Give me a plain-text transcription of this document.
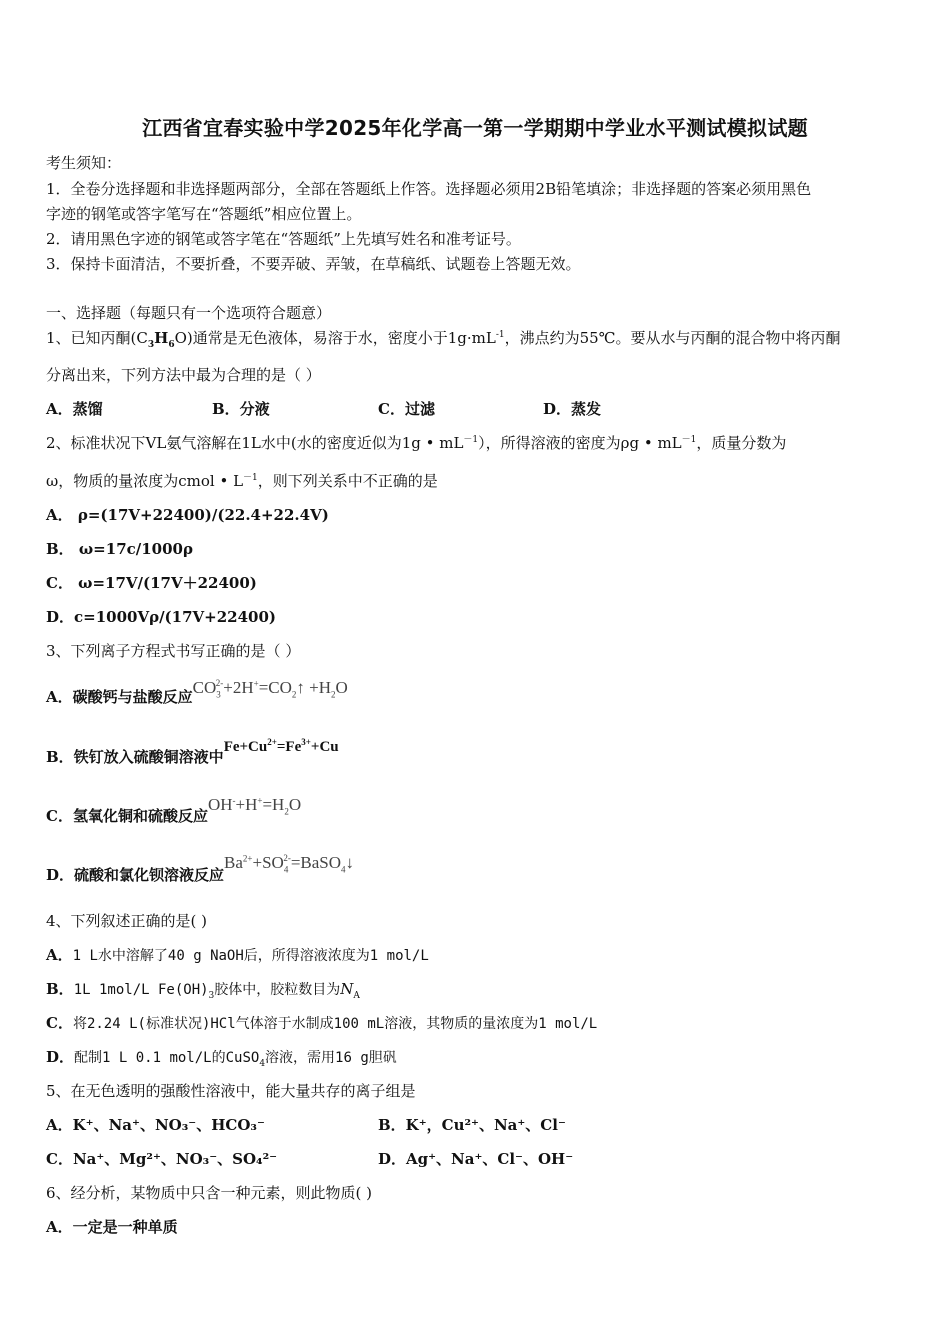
江西省宜春实验中学2025年化学高一第一学期期中学业水平测试模拟试题
考生须知：
1．全卷分选择题和非选择题两部分，全部在答题纸上作答。选择题必须用2B铅笔填涂；非选择题的答案必须用黑色
字迹的钢笔或答字笔写在“答题纸”相应位置上。
2．请用黑色字迹的钢笔或答字笔在“答题纸”上先填写姓名和准考证号。
3．保持卡面清洁，不要折叠，不要弄破、弄皱，在草稿纸、试题卷上答题无效。
一、选择题（每题只有一个选项符合题意）
1、已知丙酮$(C_3H_6O)$通常是无色液体，易溶于水，密度小于$1g\cdot mL^{-1}$，沸点约为55℃。要从水与丙酮的混合物中将丙酮
分离出来，下列方法中最为合理的是（ ）
A．蒸馏	B．分液	C．过滤	D．蒸发
2、标准状况下VL氨气溶解在1L水中(水的密度近似为1g • $mL^{-1}$），所得溶液的密度为ρg • $mL^{-1}$，质量分数为
ω，物质的量浓度为cmol • $L^{-1}$，则下列关系中不正确的是
A． ρ=(17V+22400)/(22.4+22.4V)
B． ω=17c/1000ρ
C． ω=17V/(17V＋22400)
D．c=1000Vρ/(17V+22400)
3、下列离子方程式书写正确的是（ ）
A．碳酸钙与盐酸反应$CO_3^{2-}+2H^+=CO_2↑ +H_2O$
B．铁钉放入硫酸铜溶液中$Fe+Cu^{2+}=Fe^{3+}+Cu$
C．氢氧化铜和硫酸反应$OH^-+H^+=H_2O$
D．硫酸和氯化钡溶液反应$Ba^{2+}+SO_4^{2-}=BaSO_4↓$
4、下列叙述正确的是( )
A．1 L水中溶解了40 g NaOH后，所得溶液浓度为1 mol/L
B．1L 1mol/L $Fe(OH)_3$胶体中，胶粒数目为$N_A$
C．将2.24 L(标准状况)HCl气体溶于水制成100 mL溶液，其物质的量浓度为1 mol/L
D．配制1 L 0.1 mol/L的CuSO$_4$溶液，需用16 g胆矾
5、在无色透明的强酸性溶液中，能大量共存的离子组是
A．K⁺、Na⁺、NO₃⁻、HCO₃⁻	B．K⁺，Cu²⁺、Na⁺、Cl⁻
C．Na⁺、Mg²⁺、NO₃⁻、SO₄²⁻	D．Ag⁺、Na⁺、Cl⁻、OH⁻
6、经分析，某物质中只含一种元素，则此物质( )
A．一定是一种单质
